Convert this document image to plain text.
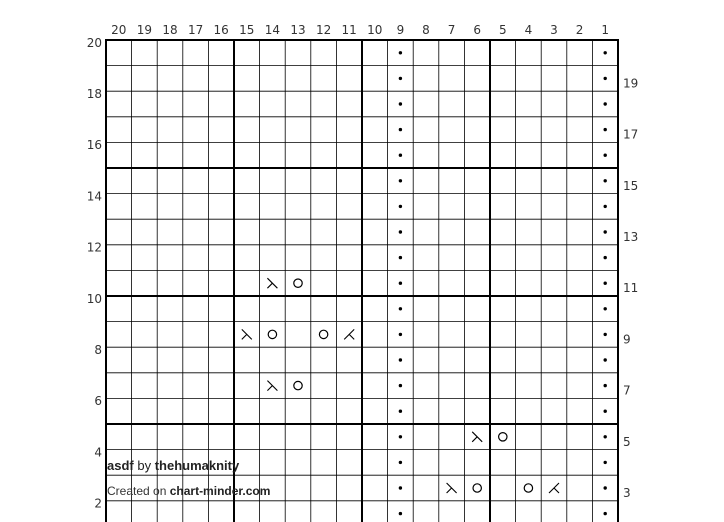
20 19 18 17 16 15 14 13 12 11 10 9 8 7 6 5 4 3 2 1
2
4
6
8
10
12
14
16
18
20
3
5
7
9
11
13
15
17
19
asdf by thehumaknity
Created on chart-minder.com
